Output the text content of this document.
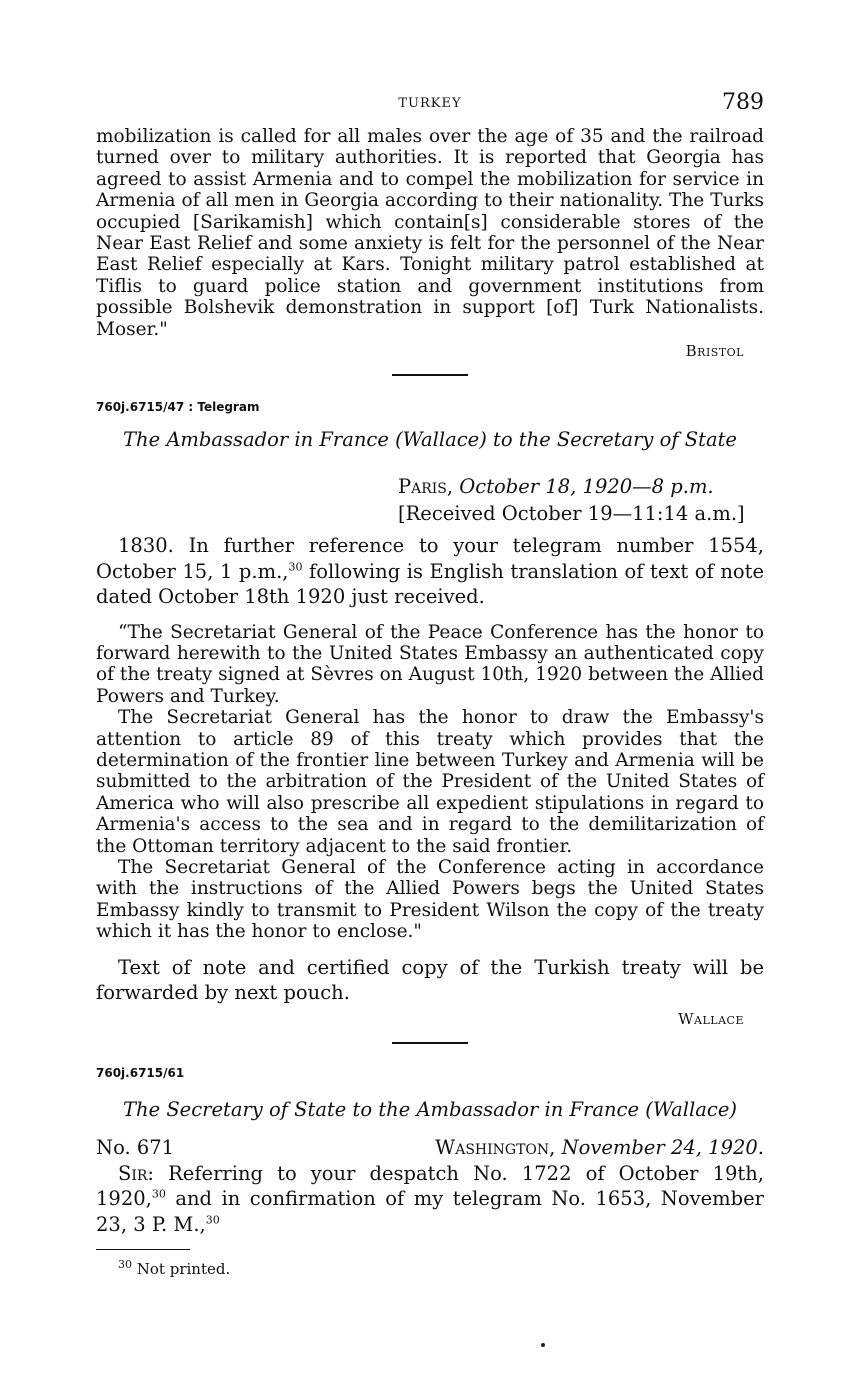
TURKEY	789

mobilization is called for all males over the age of 35 and the railroad turned over to military authorities. It is reported that Georgia has agreed to assist Armenia and to compel the mobilization for service in Armenia of all men in Georgia according to their nationality. The Turks occupied [Sarikamish] which contain[s] considerable stores of the Near East Relief and some anxiety is felt for the personnel of the Near East Relief especially at Kars. Tonight military patrol established at Tiflis to guard police station and government institutions from possible Bolshevik demonstration in support [of] Turk Nationalists. Moser."

Bristol

760j.6715/47 : Telegram

The Ambassador in France (Wallace) to the Secretary of State

Paris, October 18, 1920—8 p.m.
[Received October 19—11:14 a.m.]

1830. In further reference to your telegram number 1554, October 15, 1 p.m.,$^{30}$ following is English translation of text of note dated October 18th 1920 just received.

“The Secretariat General of the Peace Conference has the honor to forward herewith to the United States Embassy an authenticated copy of the treaty signed at Sèvres on August 10th, 1920 between the Allied Powers and Turkey.

The Secretariat General has the honor to draw the Embassy's attention to article 89 of this treaty which provides that the determination of the frontier line between Turkey and Armenia will be submitted to the arbitration of the President of the United States of America who will also prescribe all expedient stipulations in regard to Armenia's access to the sea and in regard to the demilitarization of the Ottoman territory adjacent to the said frontier.

The Secretariat General of the Conference acting in accordance with the instructions of the Allied Powers begs the United States Embassy kindly to transmit to President Wilson the copy of the treaty which it has the honor to enclose."

Text of note and certified copy of the Turkish treaty will be forwarded by next pouch.

Wallace

760j.6715/61

The Secretary of State to the Ambassador in France (Wallace)

No. 671	Washington, November 24, 1920.

Sir: Referring to your despatch No. 1722 of October 19th, 1920,30 and in confirmation of my telegram No. 1653, November 23, 3 P. M.,$^{30}$

$^{30}$ Not printed.
